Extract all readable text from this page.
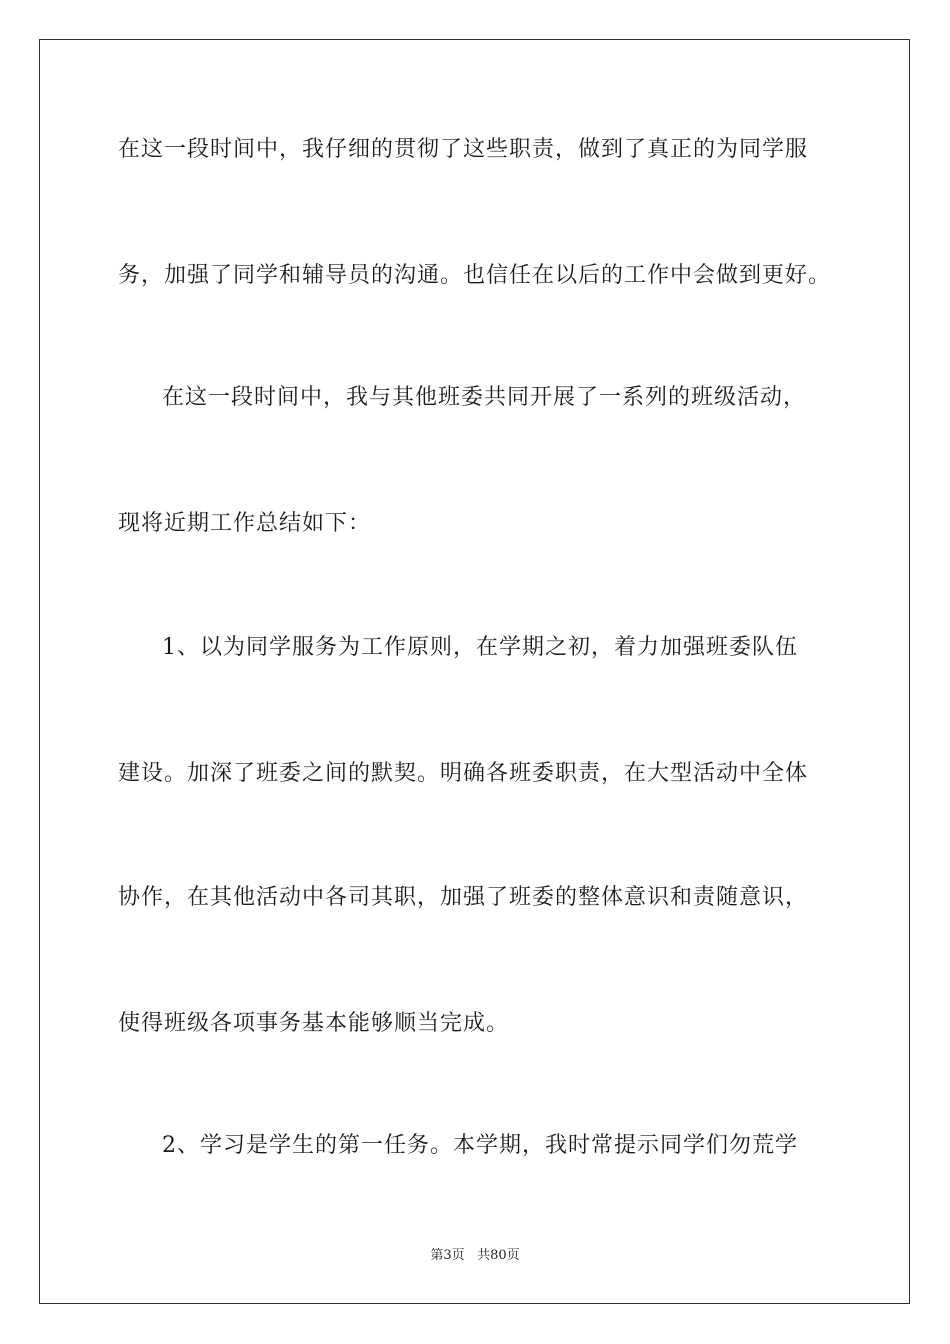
在这一段时间中，我仔细的贯彻了这些职责，做到了真正的为同学服
务，加强了同学和辅导员的沟通。也信任在以后的工作中会做到更好。
在这一段时间中，我与其他班委共同开展了一系列的班级活动，
现将近期工作总结如下：
1、以为同学服务为工作原则，在学期之初，着力加强班委队伍
建设。加深了班委之间的默契。明确各班委职责，在大型活动中全体
协作，在其他活动中各司其职，加强了班委的整体意识和责随意识，
使得班级各项事务基本能够顺当完成。
2、学习是学生的第一任务。本学期，我时常提示同学们勿荒学
第3页 共80页
